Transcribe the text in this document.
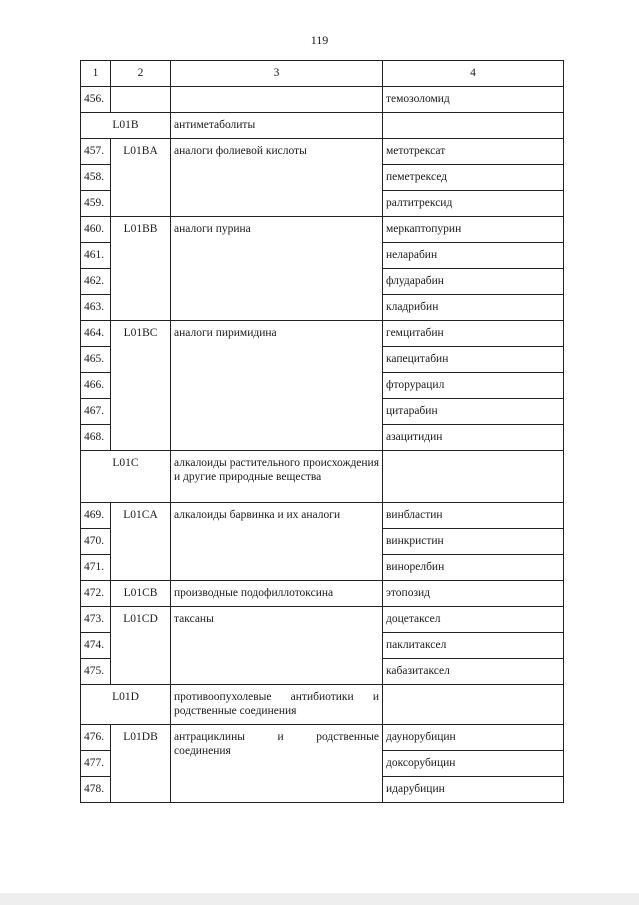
119
1	2	3	4
456.			темозоломид
L01B		антиметаболиты	
457.	L01BA	аналоги фолиевой кислоты	метотрексат
458.			пеметрексед
459.			ралтитрексид
460.	L01BB	аналоги пурина	меркаптопурин
461.			неларабин
462.			флударабин
463.			кладрибин
464.	L01BC	аналоги пиримидина	гемцитабин
465.			капецитабин
466.			фторурацил
467.			цитарабин
468.			азацитидин
L01C		алкалоиды растительного происхождения и другие природные вещества	
469.	L01CA	алкалоиды барвинка и их аналоги	винбластин
470.			винкристин
471.			винорелбин
472.	L01CB	производные подофиллотоксина	этопозид
473.	L01CD	таксаны	доцетаксел
474.			паклитаксел
475.			кабазитаксел
L01D		противоопухолевые антибиотики и родственные соединения	
476.	L01DB	антрациклины и родственные соединения	даунорубицин
477.			доксорубицин
478.			идарубицин
